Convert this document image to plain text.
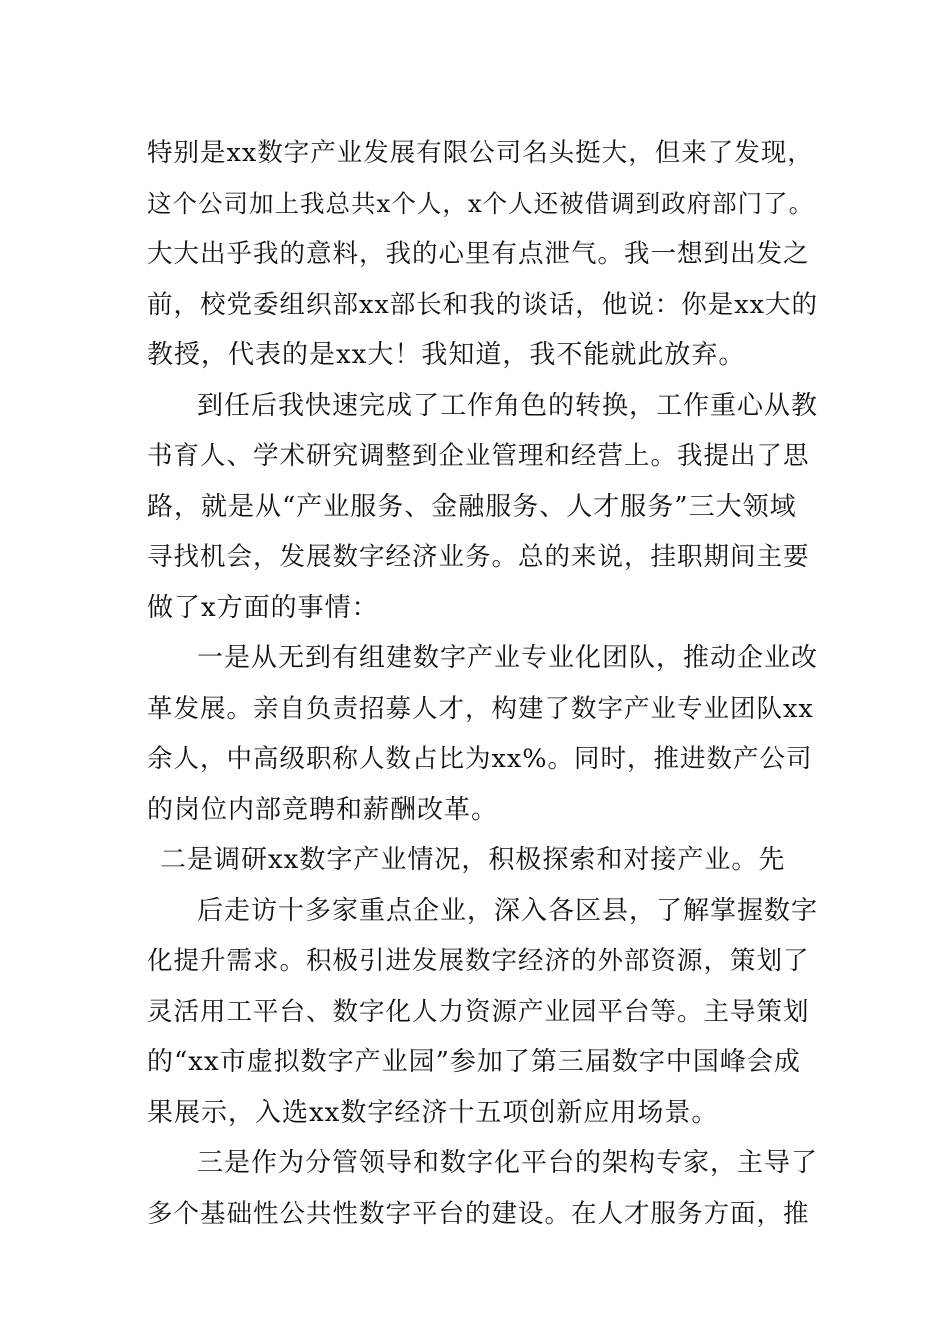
特别是xx数字产业发展有限公司名头挺大，但来了发现，
这个公司加上我总共x个人，x个人还被借调到政府部门了。
大大出乎我的意料，我的心里有点泄气。我一想到出发之
前，校党委组织部xx部长和我的谈话，他说：你是xx大的
教授，代表的是xx大！我知道，我不能就此放弃。
到任后我快速完成了工作角色的转换，工作重心从教
书育人、学术研究调整到企业管理和经营上。我提出了思
路，就是从“产业服务、金融服务、人才服务”三大领域
寻找机会，发展数字经济业务。总的来说，挂职期间主要
做了x方面的事情：
一是从无到有组建数字产业专业化团队，推动企业改
革发展。亲自负责招募人才，构建了数字产业专业团队xx
余人，中高级职称人数占比为xx%。同时，推进数产公司
的岗位内部竞聘和薪酬改革。
二是调研xx数字产业情况，积极探索和对接产业。先
后走访十多家重点企业，深入各区县，了解掌握数字
化提升需求。积极引进发展数字经济的外部资源，策划了
灵活用工平台、数字化人力资源产业园平台等。主导策划
的“xx市虚拟数字产业园”参加了第三届数字中国峰会成
果展示，入选xx数字经济十五项创新应用场景。
三是作为分管领导和数字化平台的架构专家，主导了
多个基础性公共性数字平台的建设。在人才服务方面，推
